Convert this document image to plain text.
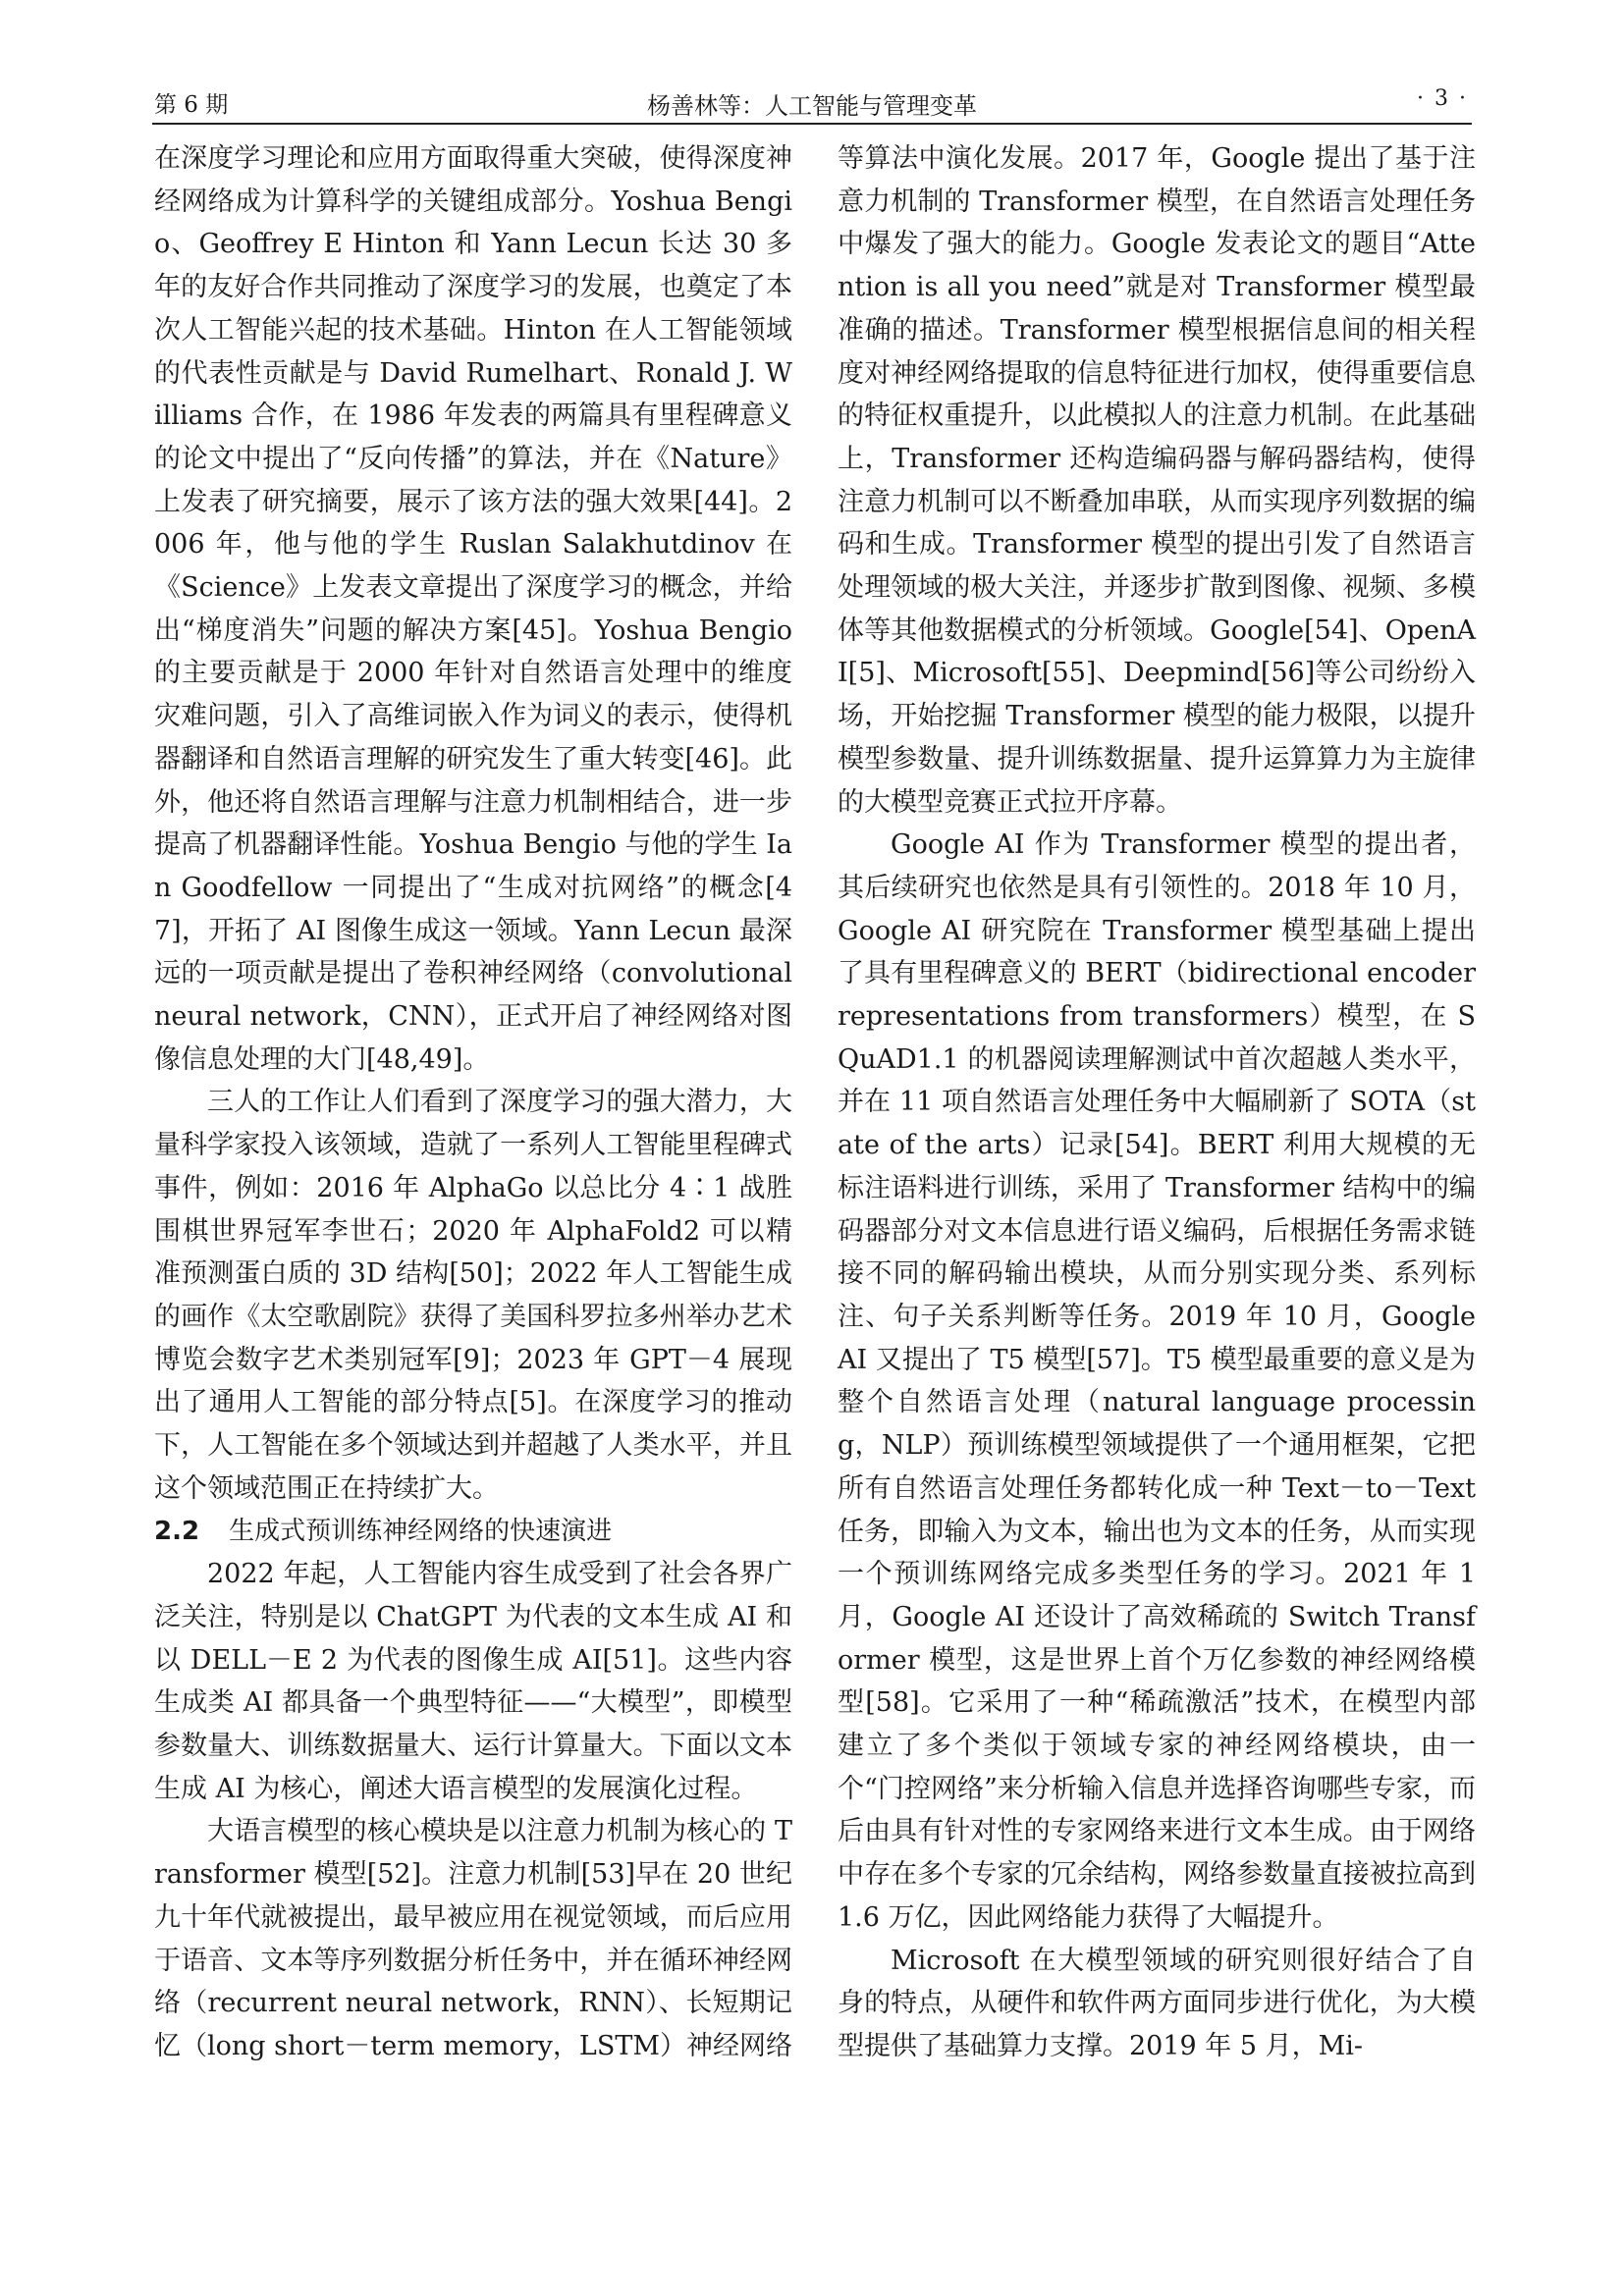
第 6 期	杨善林等：人工智能与管理变革	· 3 ·

在深度学习理论和应用方面取得重大突破，使得深度神经网络成为计算科学的关键组成部分。Yoshua Bengio、Geoffrey E Hinton 和 Yann Lecun 长达 30 多年的友好合作共同推动了深度学习的发展，也奠定了本次人工智能兴起的技术基础。Hinton 在人工智能领域的代表性贡献是与 David Rumelhart、Ronald J. Williams 合作，在 1986 年发表的两篇具有里程碑意义的论文中提出了“反向传播”的算法，并在《Nature》上发表了研究摘要，展示了该方法的强大效果[44]。2006 年，他与他的学生 Ruslan Salakhutdinov 在《Science》上发表文章提出了深度学习的概念，并给出“梯度消失”问题的解决方案[45]。Yoshua Bengio 的主要贡献是于 2000 年针对自然语言处理中的维度灾难问题，引入了高维词嵌入作为词义的表示，使得机器翻译和自然语言理解的研究发生了重大转变[46]。此外，他还将自然语言理解与注意力机制相结合，进一步提高了机器翻译性能。Yoshua Bengio 与他的学生 Ian Goodfellow 一同提出了“生成对抗网络”的概念[47]，开拓了 AI 图像生成这一领域。Yann Lecun 最深远的一项贡献是提出了卷积神经网络（convolutional neural network，CNN），正式开启了神经网络对图像信息处理的大门[48,49]。

三人的工作让人们看到了深度学习的强大潜力，大量科学家投入该领域，造就了一系列人工智能里程碑式事件，例如：2016 年 AlphaGo 以总比分 4∶1 战胜围棋世界冠军李世石；2020 年 AlphaFold2 可以精准预测蛋白质的 3D 结构[50]；2022 年人工智能生成的画作《太空歌剧院》获得了美国科罗拉多州举办艺术博览会数字艺术类别冠军[9]；2023 年 GPT－4 展现出了通用人工智能的部分特点[5]。在深度学习的推动下，人工智能在多个领域达到并超越了人类水平，并且这个领域范围正在持续扩大。

2.2 生成式预训练神经网络的快速演进

2022 年起，人工智能内容生成受到了社会各界广泛关注，特别是以 ChatGPT 为代表的文本生成 AI 和以 DELL－E 2 为代表的图像生成 AI[51]。这些内容生成类 AI 都具备一个典型特征——“大模型”，即模型参数量大、训练数据量大、运行计算量大。下面以文本生成 AI 为核心，阐述大语言模型的发展演化过程。

大语言模型的核心模块是以注意力机制为核心的 Transformer 模型[52]。注意力机制[53]早在 20 世纪九十年代就被提出，最早被应用在视觉领域，而后应用于语音、文本等序列数据分析任务中，并在循环神经网络（recurrent neural network，RNN）、长短期记忆（long short－term memory，LSTM）神经网络

等算法中演化发展。2017 年，Google 提出了基于注意力机制的 Transformer 模型，在自然语言处理任务中爆发了强大的能力。Google 发表论文的题目“Attention is all you need”就是对 Transformer 模型最准确的描述。Transformer 模型根据信息间的相关程度对神经网络提取的信息特征进行加权，使得重要信息的特征权重提升，以此模拟人的注意力机制。在此基础上，Transformer 还构造编码器与解码器结构，使得注意力机制可以不断叠加串联，从而实现序列数据的编码和生成。Transformer 模型的提出引发了自然语言处理领域的极大关注，并逐步扩散到图像、视频、多模体等其他数据模式的分析领域。Google[54]、OpenAI[5]、Microsoft[55]、Deepmind[56]等公司纷纷入场，开始挖掘 Transformer 模型的能力极限，以提升模型参数量、提升训练数据量、提升运算算力为主旋律的大模型竞赛正式拉开序幕。

Google AI 作为 Transformer 模型的提出者，其后续研究也依然是具有引领性的。2018 年 10 月，Google AI 研究院在 Transformer 模型基础上提出了具有里程碑意义的 BERT（bidirectional encoder representations from transformers）模型，在 SQuAD1.1 的机器阅读理解测试中首次超越人类水平，并在 11 项自然语言处理任务中大幅刷新了 SOTA（state of the arts）记录[54]。BERT 利用大规模的无标注语料进行训练，采用了 Transformer 结构中的编码器部分对文本信息进行语义编码，后根据任务需求链接不同的解码输出模块，从而分别实现分类、系列标注、句子关系判断等任务。2019 年 10 月，Google AI 又提出了 T5 模型[57]。T5 模型最重要的意义是为整个自然语言处理（natural language processing，NLP）预训练模型领域提供了一个通用框架，它把所有自然语言处理任务都转化成一种 Text－to－Text 任务，即输入为文本，输出也为文本的任务，从而实现一个预训练网络完成多类型任务的学习。2021 年 1 月，Google AI 还设计了高效稀疏的 Switch Transformer 模型，这是世界上首个万亿参数的神经网络模型[58]。它采用了一种“稀疏激活”技术，在模型内部建立了多个类似于领域专家的神经网络模块，由一个“门控网络”来分析输入信息并选择咨询哪些专家，而后由具有针对性的专家网络来进行文本生成。由于网络中存在多个专家的冗余结构，网络参数量直接被拉高到 1.6 万亿，因此网络能力获得了大幅提升。

Microsoft 在大模型领域的研究则很好结合了自身的特点，从硬件和软件两方面同步进行优化，为大模型提供了基础算力支撑。2019 年 5 月，Mi-
